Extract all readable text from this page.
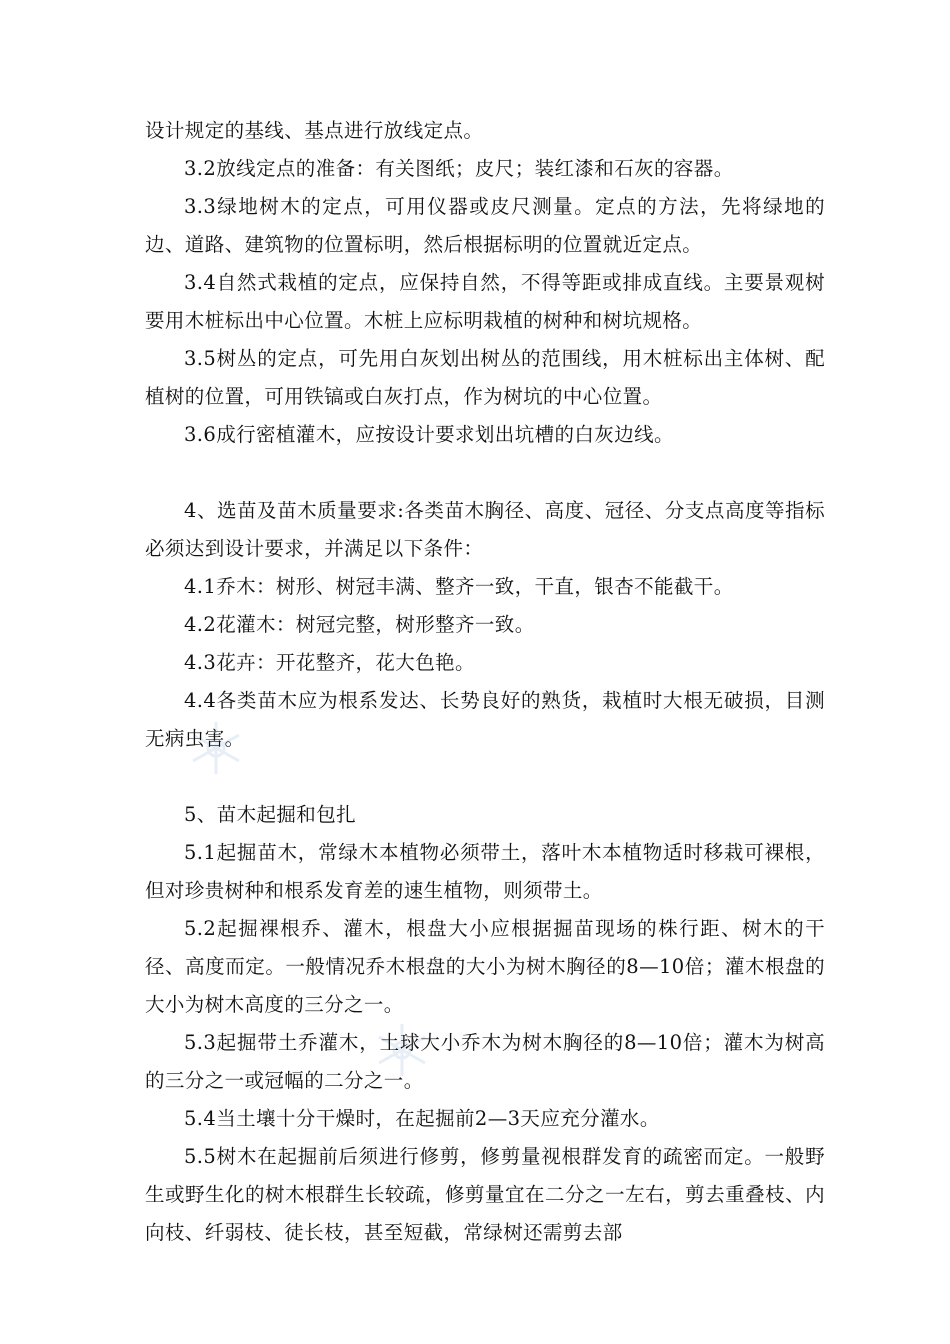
设计规定的基线、基点进行放线定点。

3.2放线定点的准备：有关图纸；皮尺；装红漆和石灰的容器。

3.3绿地树木的定点，可用仪器或皮尺测量。定点的方法，先将绿地的边、道路、建筑物的位置标明，然后根据标明的位置就近定点。

3.4自然式栽植的定点，应保持自然，不得等距或排成直线。主要景观树要用木桩标出中心位置。木桩上应标明栽植的树种和树坑规格。

3.5树丛的定点，可先用白灰划出树丛的范围线，用木桩标出主体树、配植树的位置，可用铁镐或白灰打点，作为树坑的中心位置。

3.6成行密植灌木，应按设计要求划出坑槽的白灰边线。

4、选苗及苗木质量要求:各类苗木胸径、高度、冠径、分支点高度等指标必须达到设计要求，并满足以下条件：

4.1乔木：树形、树冠丰满、整齐一致，干直，银杏不能截干。

4.2花灌木：树冠完整，树形整齐一致。

4.3花卉：开花整齐，花大色艳。

4.4各类苗木应为根系发达、长势良好的熟货，栽植时大根无破损，目测无病虫害。

5、苗木起掘和包扎

5.1起掘苗木，常绿木本植物必须带土，落叶木本植物适时移栽可裸根，但对珍贵树种和根系发育差的速生植物，则须带土。

5.2起掘裸根乔、灌木，根盘大小应根据掘苗现场的株行距、树木的干径、高度而定。一般情况乔木根盘的大小为树木胸径的8—10倍；灌木根盘的大小为树木高度的三分之一。

5.3起掘带土乔灌木，土球大小乔木为树木胸径的8—10倍；灌木为树高的三分之一或冠幅的二分之一。

5.4当土壤十分干燥时，在起掘前2—3天应充分灌水。

5.5树木在起掘前后须进行修剪，修剪量视根群发育的疏密而定。一般野生或野生化的树木根群生长较疏，修剪量宜在二分之一左右，剪去重叠枝、内向枝、纤弱枝、徒长枝，甚至短截，常绿树还需剪去部
